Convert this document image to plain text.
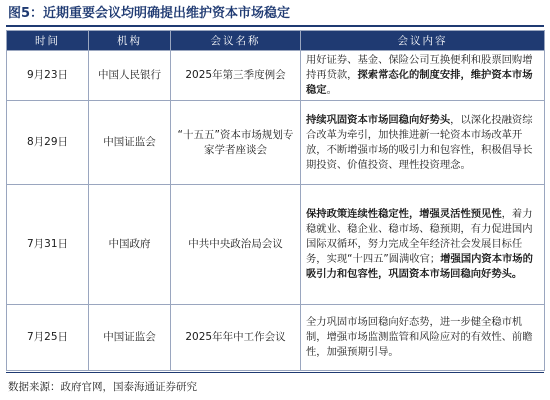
图5：近期重要会议均明确提出维护资本市场稳定
时间	机构	会议名称	会议内容
9月23日	中国人民银行	2025年第三季度例会	用好证券、基金、保险公司互换便利和股票回购增持再贷款，探索常态化的制度安排，维护资本市场稳定。
8月29日	中国证监会	“十五五”资本市场规划专家学者座谈会	持续巩固资本市场回稳向好势头，以深化投融资综合改革为牵引，加快推进新一轮资本市场改革开放，不断增强市场的吸引力和包容性，积极倡导长期投资、价值投资、理性投资理念。
7月31日	中国政府	中共中央政治局会议	保持政策连续性稳定性，增强灵活性预见性，着力稳就业、稳企业、稳市场、稳预期，有力促进国内国际双循环，努力完成全年经济社会发展目标任务，实现“十四五”圆满收官；增强国内资本市场的吸引力和包容性，巩固资本市场回稳向好势头。
7月25日	中国证监会	2025年年中工作会议	全力巩固市场回稳向好态势，进一步健全稳市机制，增强市场监测监管和风险应对的有效性、前瞻性，加强预期引导。
数据来源：政府官网，国泰海通证券研究
